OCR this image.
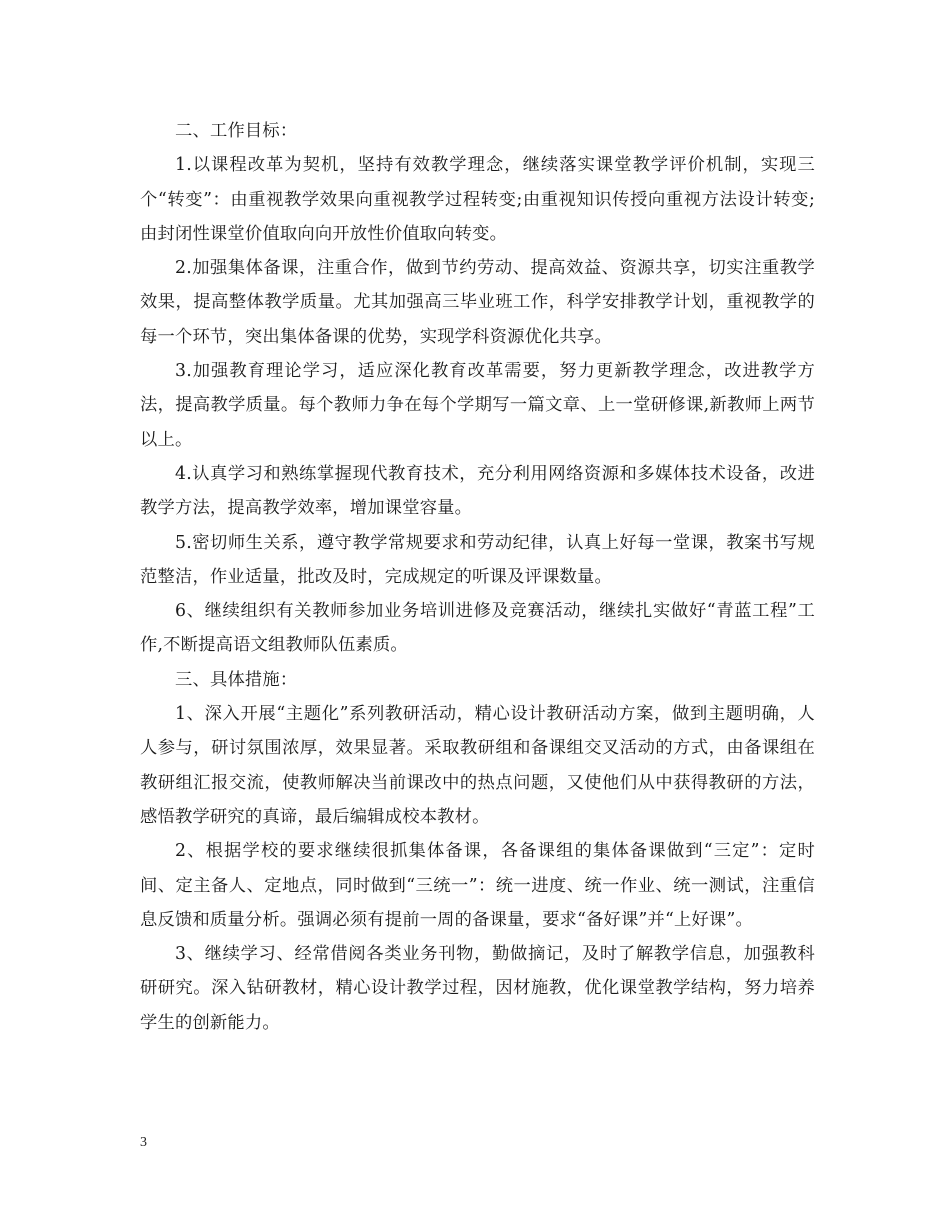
二、工作目标：

1.以课程改革为契机，坚持有效教学理念，继续落实课堂教学评价机制，实现三个“转变”：由重视教学效果向重视教学过程转变;由重视知识传授向重视方法设计转变;由封闭性课堂价值取向向开放性价值取向转变。

2.加强集体备课，注重合作，做到节约劳动、提高效益、资源共享，切实注重教学效果，提高整体教学质量。尤其加强高三毕业班工作，科学安排教学计划，重视教学的每一个环节，突出集体备课的优势，实现学科资源优化共享。

3.加强教育理论学习，适应深化教育改革需要，努力更新教学理念，改进教学方法，提高教学质量。每个教师力争在每个学期写一篇文章、上一堂研修课,新教师上两节以上。

4.认真学习和熟练掌握现代教育技术，充分利用网络资源和多媒体技术设备，改进教学方法，提高教学效率，增加课堂容量。

5.密切师生关系，遵守教学常规要求和劳动纪律，认真上好每一堂课，教案书写规范整洁，作业适量，批改及时，完成规定的听课及评课数量。

6、继续组织有关教师参加业务培训进修及竞赛活动，继续扎实做好“青蓝工程”工作,不断提高语文组教师队伍素质。

三、具体措施：

1、深入开展“主题化”系列教研活动，精心设计教研活动方案，做到主题明确，人人参与，研讨氛围浓厚，效果显著。采取教研组和备课组交叉活动的方式，由备课组在教研组汇报交流，使教师解决当前课改中的热点问题，又使他们从中获得教研的方法，感悟教学研究的真谛，最后编辑成校本教材。

2、根据学校的要求继续很抓集体备课，各备课组的集体备课做到“三定”：定时间、定主备人、定地点，同时做到“三统一”：统一进度、统一作业、统一测试，注重信息反馈和质量分析。强调必须有提前一周的备课量，要求“备好课”并“上好课”。

3、继续学习、经常借阅各类业务刊物，勤做摘记，及时了解教学信息，加强教科研研究。深入钻研教材，精心设计教学过程，因材施教，优化课堂教学结构，努力培养学生的创新能力。

3
